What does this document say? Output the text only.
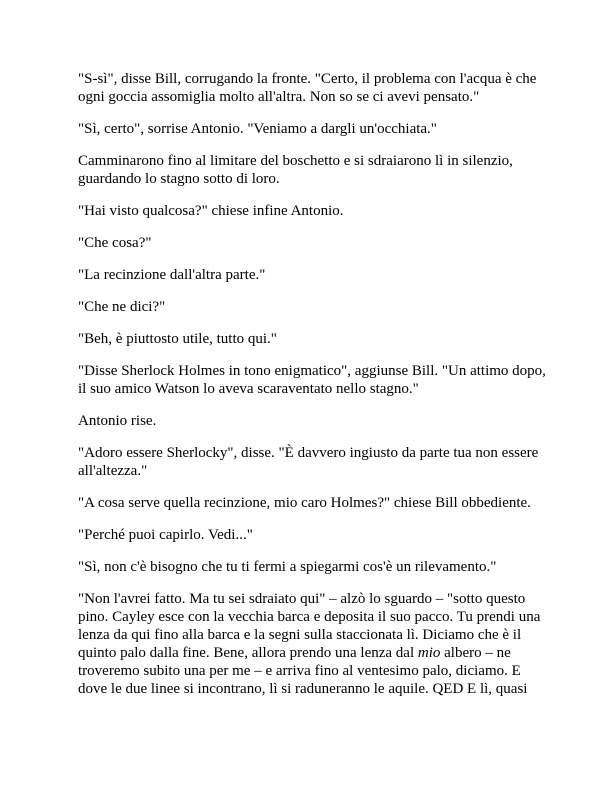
"S-sì", disse Bill, corrugando la fronte. "Certo, il problema con l'acqua è che ogni goccia assomiglia molto all'altra. Non so se ci avevi pensato."

"Sì, certo", sorrise Antonio. "Veniamo a dargli un'occhiata."

Camminarono fino al limitare del boschetto e si sdraiarono lì in silenzio, guardando lo stagno sotto di loro.

"Hai visto qualcosa?" chiese infine Antonio.

"Che cosa?"

"La recinzione dall'altra parte."

"Che ne dici?"

"Beh, è piuttosto utile, tutto qui."

"Disse Sherlock Holmes in tono enigmatico", aggiunse Bill. "Un attimo dopo, il suo amico Watson lo aveva scaraventato nello stagno."

Antonio rise.

"Adoro essere Sherlocky", disse. "È davvero ingiusto da parte tua non essere all'altezza."

"A cosa serve quella recinzione, mio caro Holmes?" chiese Bill obbediente.

"Perché puoi capirlo. Vedi..."

"Sì, non c'è bisogno che tu ti fermi a spiegarmi cos'è un rilevamento."

"Non l'avrei fatto. Ma tu sei sdraiato qui" – alzò lo sguardo – "sotto questo pino. Cayley esce con la vecchia barca e deposita il suo pacco. Tu prendi una lenza da qui fino alla barca e la segni sulla staccionata lì. Diciamo che è il quinto palo dalla fine. Bene, allora prendo una lenza dal mio albero – ne troveremo subito una per me – e arriva fino al ventesimo palo, diciamo. E dove le due linee si incontrano, lì si raduneranno le aquile. QED E lì, quasi
